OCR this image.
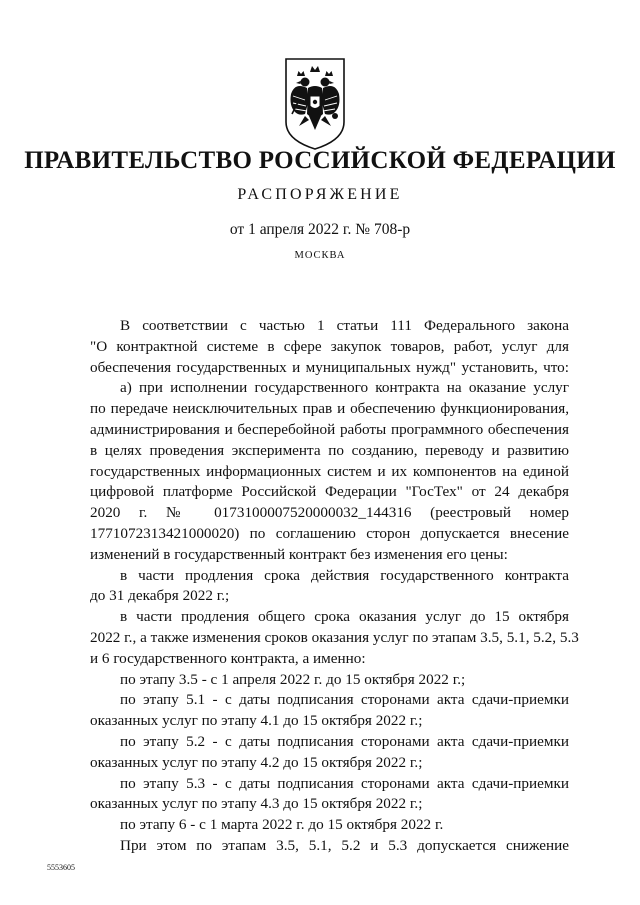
ПРАВИТЕЛЬСТВО РОССИЙСКОЙ ФЕДЕРАЦИИ
РАСПОРЯЖЕНИЕ
от 1 апреля 2022 г. № 708-р
МОСКВА
В соответствии с частью 1 статьи 111 Федерального закона
"О контрактной системе в сфере закупок товаров, работ, услуг для
обеспечения государственных и муниципальных нужд" установить, что:
а) при исполнении государственного контракта на оказание услуг
по передаче неисключительных прав и обеспечению функционирования,
администрирования и бесперебойной работы программного обеспечения
в целях проведения эксперимента по созданию, переводу и развитию
государственных информационных систем и их компонентов на единой
цифровой платформе Российской Федерации "ГосТех" от 24 декабря
2020 г. № 0173100007520000032_144316 (реестровый номер
1771072313421000020) по соглашению сторон допускается внесение
изменений в государственный контракт без изменения его цены:
в части продления срока действия государственного контракта
до 31 декабря 2022 г.;
в части продления общего срока оказания услуг до 15 октября
2022 г., а также изменения сроков оказания услуг по этапам 3.5, 5.1, 5.2, 5.3
и 6 государственного контракта, а именно:
по этапу 3.5 - с 1 апреля 2022 г. до 15 октября 2022 г.;
по этапу 5.1 - с даты подписания сторонами акта сдачи-приемки
оказанных услуг по этапу 4.1 до 15 октября 2022 г.;
по этапу 5.2 - с даты подписания сторонами акта сдачи-приемки
оказанных услуг по этапу 4.2 до 15 октября 2022 г.;
по этапу 5.3 - с даты подписания сторонами акта сдачи-приемки
оказанных услуг по этапу 4.3 до 15 октября 2022 г.;
по этапу 6 - с 1 марта 2022 г. до 15 октября 2022 г.
При этом по этапам 3.5, 5.1, 5.2 и 5.3 допускается снижение
5553605
